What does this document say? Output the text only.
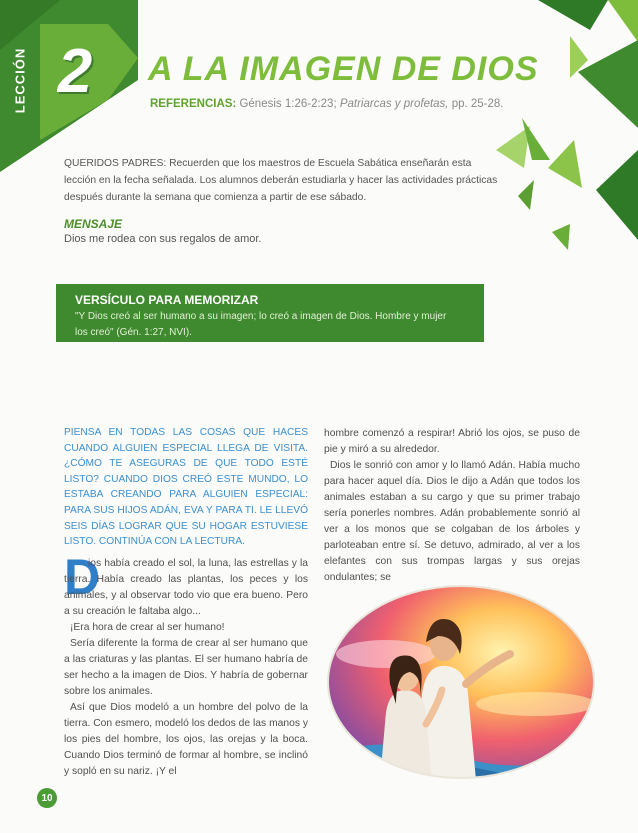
LECCIÓN 2	A LA IMAGEN DE DIOS
REFERENCIAS: Génesis 1:26-2:23; Patriarcas y profetas, pp. 25-28.
QUERIDOS PADRES: Recuerden que los maestros de Escuela Sabática enseñarán esta lección en la fecha señalada. Los alumnos deberán estudiarla y hacer las actividades prácticas después durante la semana que comienza a partir de ese sábado.
MENSAJE
Dios me rodea con sus regalos de amor.
VERSÍCULO PARA MEMORIZAR
"Y Dios creó al ser humano a su imagen; lo creó a imagen de Dios. Hombre y mujer los creó" (Gén. 1:27, NVI).
PIENSA EN TODAS LAS COSAS QUE HACES CUANDO ALGUIEN ESPECIAL LLEGA DE VISITA. ¿CÓMO TE ASEGURAS DE QUE TODO ESTÉ LISTO? CUANDO DIOS CREÓ ESTE MUNDO, LO ESTABA CREANDO PARA ALGUIEN ESPECIAL: PARA SUS HIJOS ADÁN, EVA Y PARA TI. LE LLEVÓ SEIS DÍAS LOGRAR QUE SU HOGAR ESTUVIESE LISTO. CONTINÚA CON LA LECTURA.
D

ios había creado el sol, la luna, las estrellas y la tierra. Había creado las plantas, los peces y los animales, y al observar todo vio que era bueno. Pero a su creación le faltaba algo...

¡Era hora de crear al ser humano!

Sería diferente la forma de crear al ser humano que a las criaturas y las plantas. El ser humano habría de ser hecho a la imagen de Dios. Y habría de gobernar sobre los animales.

Así que Dios modeló a un hombre del polvo de la tierra. Con esmero, modeló los dedos de las manos y los pies del hombre, los ojos, las orejas y la boca. Cuando Dios terminó de formar al hombre, se inclinó y sopló en su nariz. ¡Y el

hombre comenzó a respirar! Abrió los ojos, se puso de pie y miró a su alrededor.

Dios le sonrió con amor y lo llamó Adán. Había mucho para hacer aquel día. Dios le dijo a Adán que todos los animales estaban a su cargo y que su primer trabajo sería ponerles nombres. Adán probablemente sonrió al ver a los monos que se colgaban de los árboles y parloteaban entre sí. Se detuvo, admirado, al ver a los elefantes con sus trompas largas y sus orejas ondulantes; se

10
